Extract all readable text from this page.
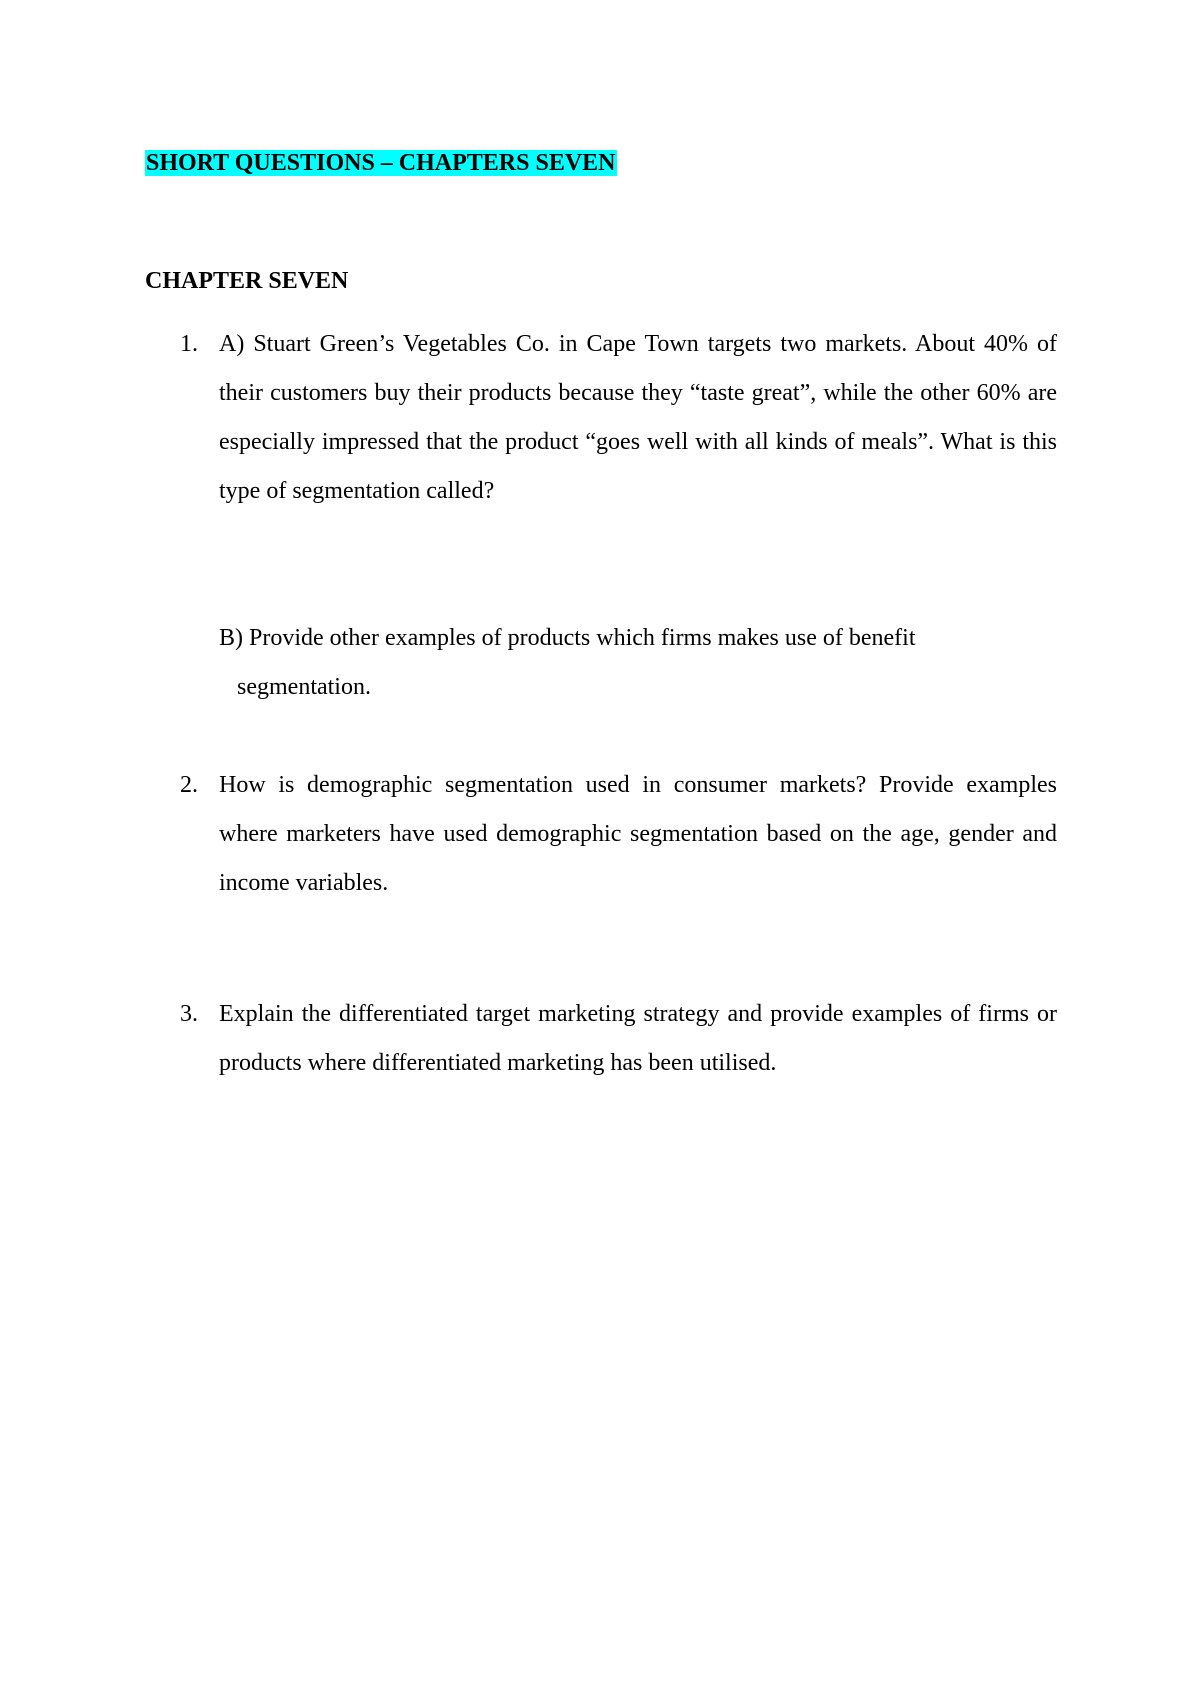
SHORT QUESTIONS – CHAPTERS SEVEN
CHAPTER SEVEN
1. A) Stuart Green’s Vegetables Co. in Cape Town targets two markets. About 40% of their customers buy their products because they “taste great”, while the other 60% are especially impressed that the product “goes well with all kinds of meals”. What is this type of segmentation called?
B) Provide other examples of products which firms makes use of benefit
segmentation.
2. How is demographic segmentation used in consumer markets? Provide examples where marketers have used demographic segmentation based on the age, gender and income variables.
3. Explain the differentiated target marketing strategy and provide examples of firms or products where differentiated marketing has been utilised.
